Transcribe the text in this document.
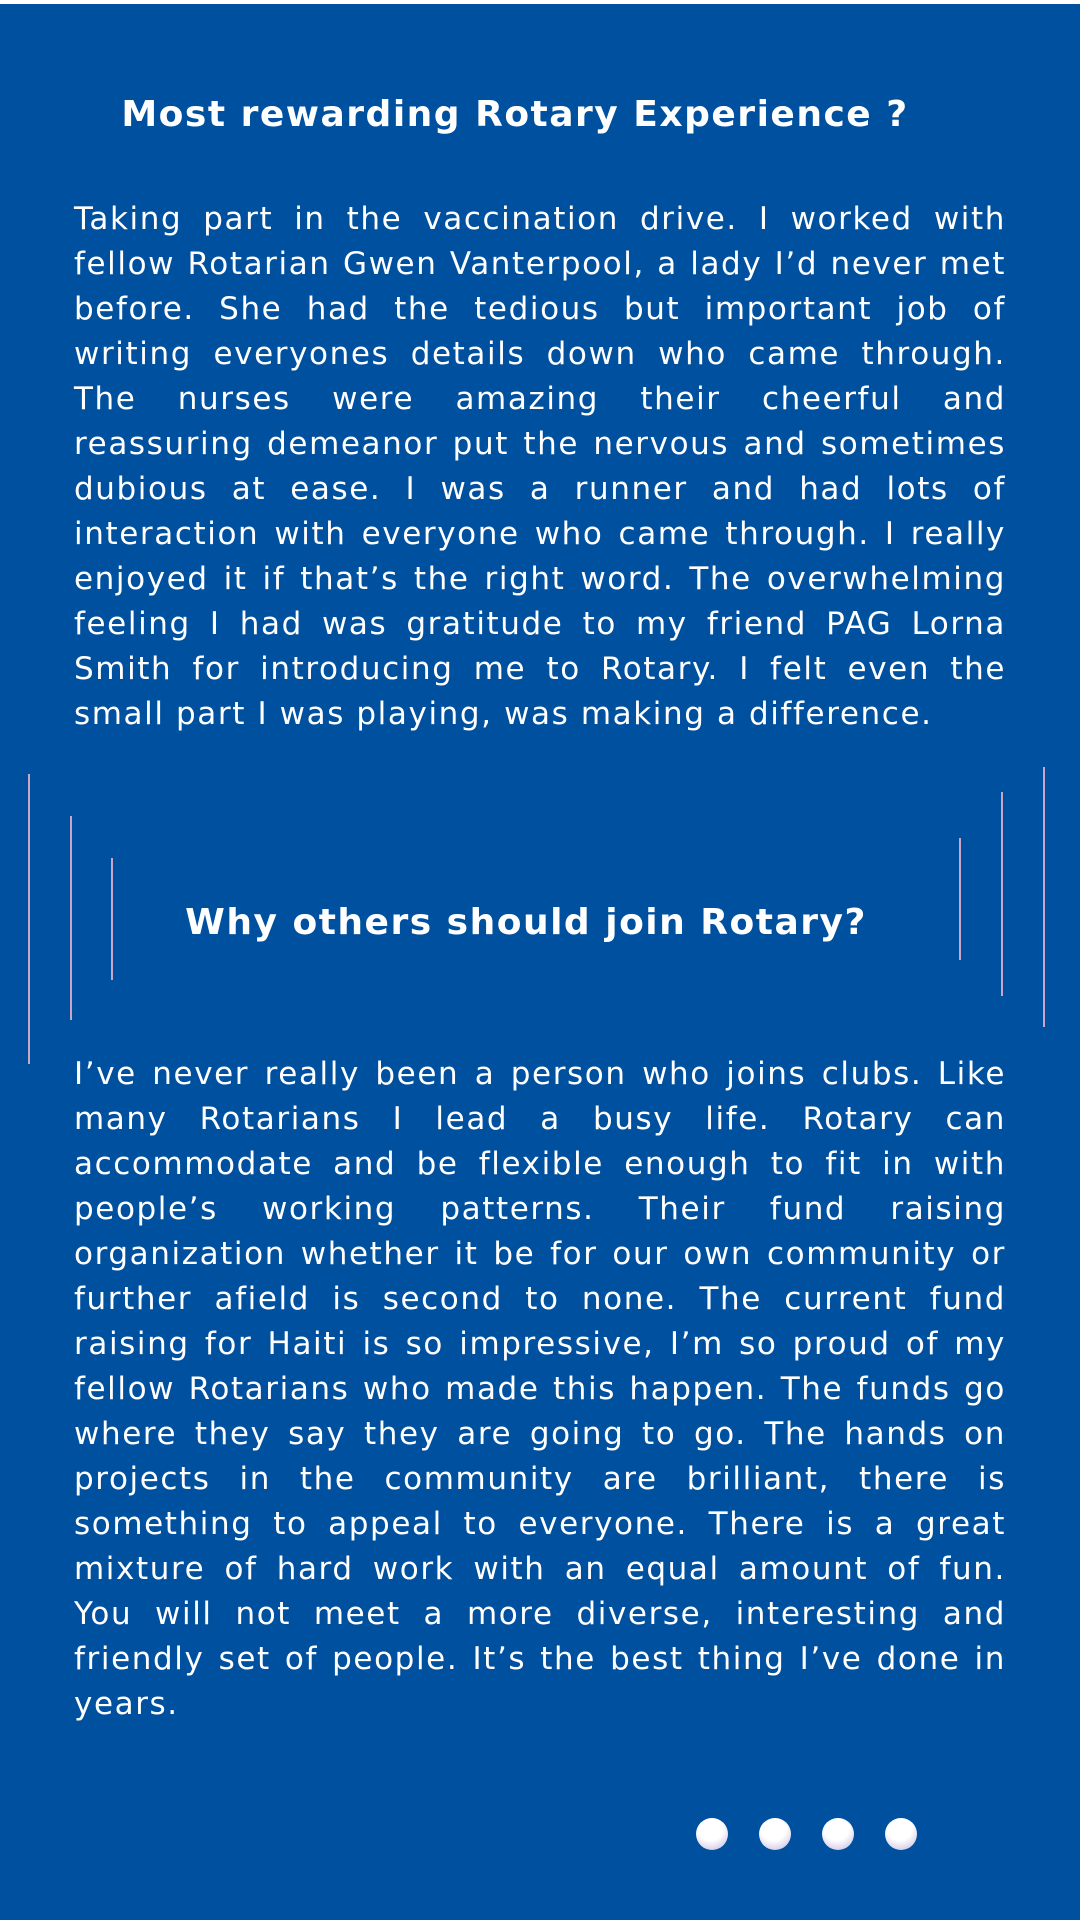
Most rewarding Rotary Experience ?

Taking part in the vaccination drive. I worked with fellow Rotarian Gwen Vanterpool, a lady I’d never met before. She had the tedious but important job of writing everyones details down who came through. The nurses were amazing their cheerful and reassuring demeanor put the nervous and sometimes dubious at ease. I was a runner and had lots of interaction with everyone who came through. I really enjoyed it if that’s the right word. The overwhelming feeling I had was gratitude to my friend PAG Lorna Smith for introducing me to Rotary. I felt even the small part I was playing, was making a difference.

Why others should join Rotary?

I’ve never really been a person who joins clubs. Like many Rotarians I lead a busy life. Rotary can accommodate and be flexible enough to fit in with people’s working patterns. Their fund raising organization whether it be for our own community or further afield is second to none. The current fund raising for Haiti is so impressive, I’m so proud of my fellow Rotarians who made this happen. The funds go where they say they are going to go. The hands on projects in the community are brilliant, there is something to appeal to everyone. There is a great mixture of hard work with an equal amount of fun. You will not meet a more diverse, interesting and friendly set of people. It’s the best thing I’ve done in years.
